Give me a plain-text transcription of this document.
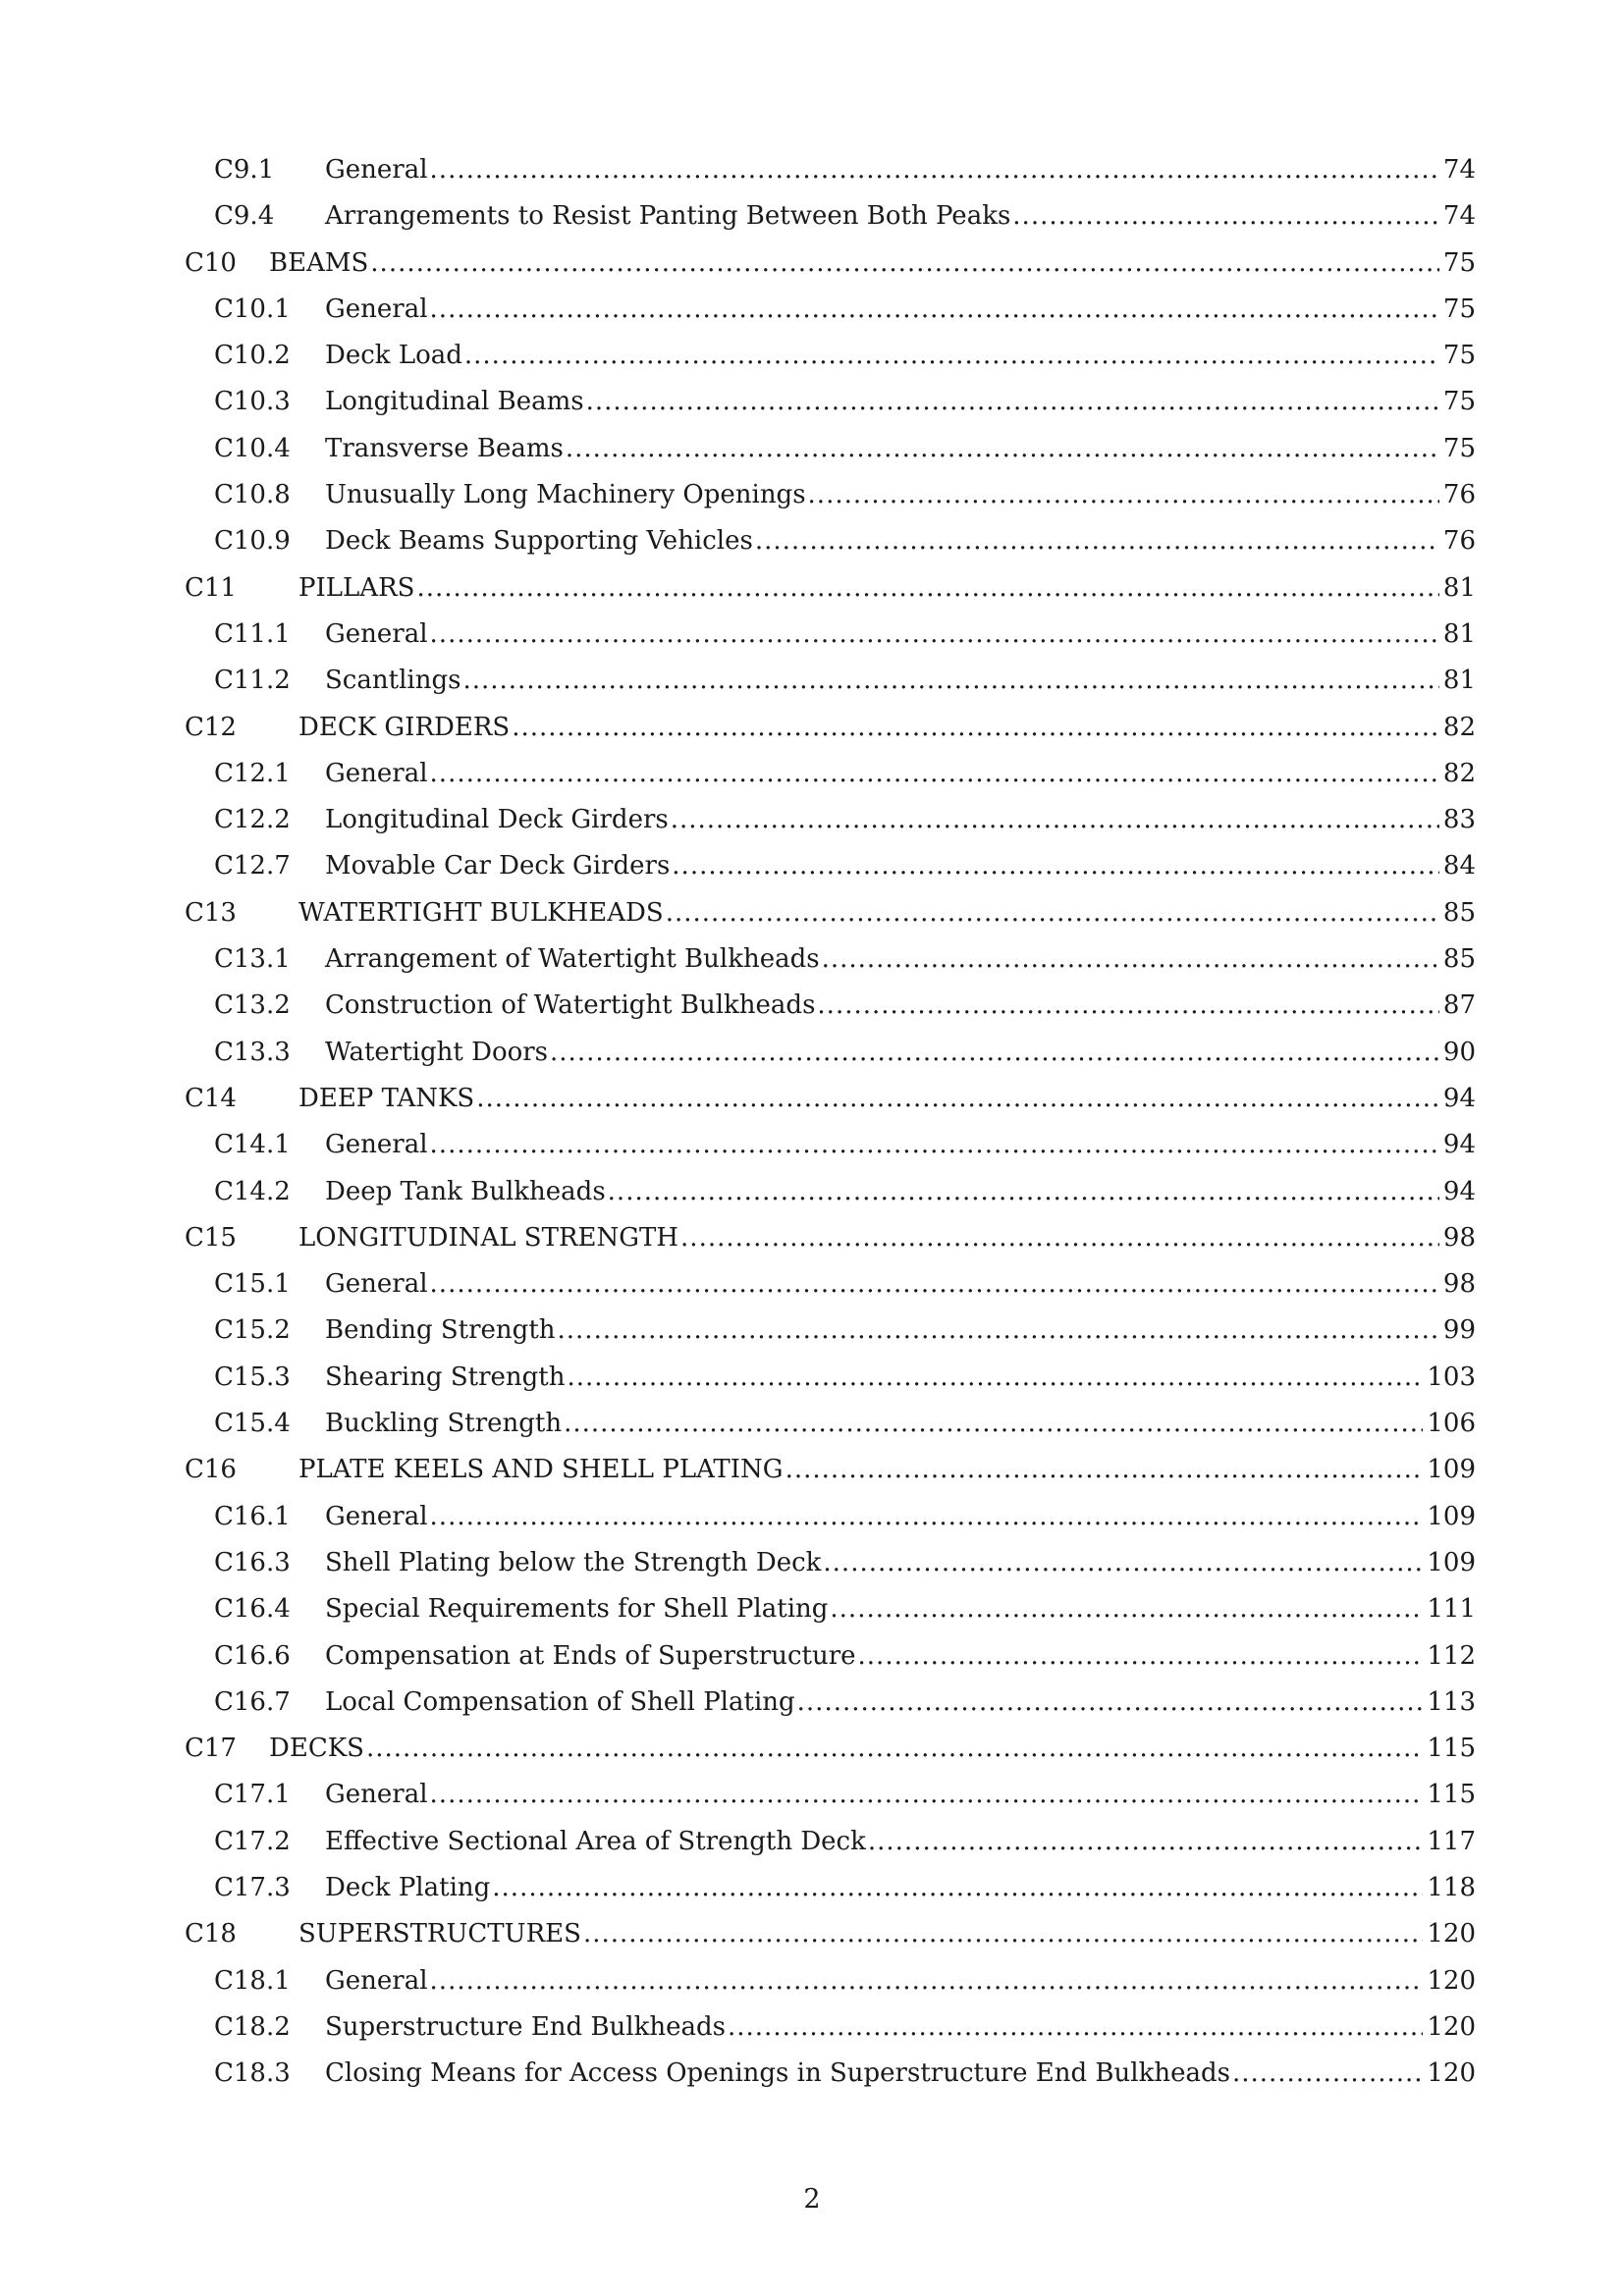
C9.1	General .....	74
C9.4	Arrangements to Resist Panting Between Both Peaks .....	74
C10	BEAMS .....	75
C10.1	General .....	75
C10.2	Deck Load .....	75
C10.3	Longitudinal Beams .....	75
C10.4	Transverse Beams .....	75
C10.8	Unusually Long Machinery Openings .....	76
C10.9	Deck Beams Supporting Vehicles .....	76
C11	PILLARS .....	81
C11.1	General .....	81
C11.2	Scantlings .....	81
C12	DECK GIRDERS .....	82
C12.1	General .....	82
C12.2	Longitudinal Deck Girders .....	83
C12.7	Movable Car Deck Girders .....	84
C13	WATERTIGHT BULKHEADS .....	85
C13.1	Arrangement of Watertight Bulkheads .....	85
C13.2	Construction of Watertight Bulkheads .....	87
C13.3	Watertight Doors .....	90
C14	DEEP TANKS .....	94
C14.1	General .....	94
C14.2	Deep Tank Bulkheads .....	94
C15	LONGITUDINAL STRENGTH .....	98
C15.1	General .....	98
C15.2	Bending Strength .....	99
C15.3	Shearing Strength .....	103
C15.4	Buckling Strength .....	106
C16	PLATE KEELS AND SHELL PLATING .....	109
C16.1	General .....	109
C16.3	Shell Plating below the Strength Deck .....	109
C16.4	Special Requirements for Shell Plating .....	111
C16.6	Compensation at Ends of Superstructure .....	112
C16.7	Local Compensation of Shell Plating .....	113
C17	DECKS .....	115
C17.1	General .....	115
C17.2	Effective Sectional Area of Strength Deck .....	117
C17.3	Deck Plating .....	118
C18	SUPERSTRUCTURES .....	120
C18.1	General .....	120
C18.2	Superstructure End Bulkheads .....	120
C18.3	Closing Means for Access Openings in Superstructure End Bulkheads .....	120
2
